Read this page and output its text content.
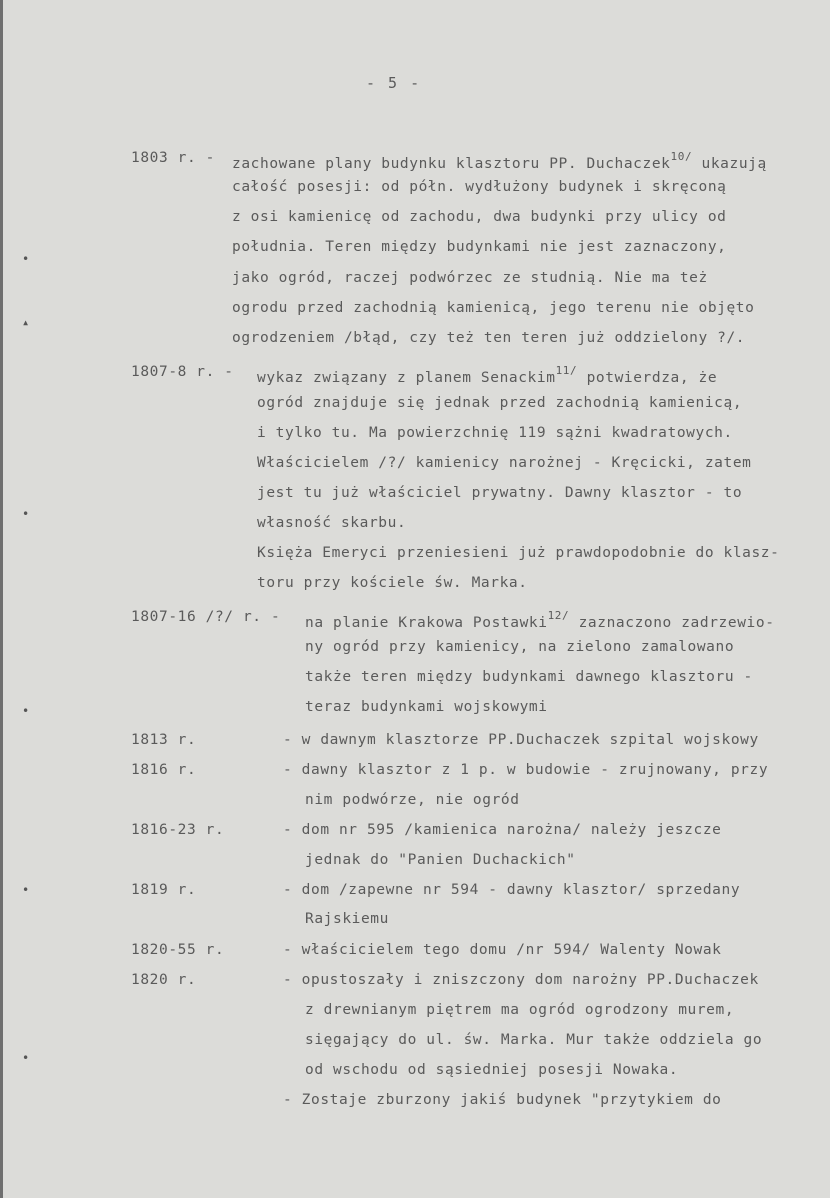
•
▴
•
•
•
•
- 5 -
1803 r. - zachowane plany budynku klasztoru PP. Duchaczek$^{10/}$ ukazują
całość posesji: od półn. wydłużony budynek i skręconą
z osi kamienicę od zachodu, dwa budynki przy ulicy od
południa. Teren między budynkami nie jest zaznaczony,
jako ogród, raczej podwórzec ze studnią. Nie ma też
ogrodu przed zachodnią kamienicą, jego terenu nie objęto
ogrodzeniem /błąd, czy też ten teren już oddzielony ?/.
1807-8 r. - wykaz związany z planem Senackim$^{11/}$ potwierdza, że
ogród znajduje się jednak przed zachodnią kamienicą,
i tylko tu. Ma powierzchnię 119 sążni kwadratowych.
Właścicielem /?/ kamienicy narożnej - Kręcicki, zatem
jest tu już właściciel prywatny. Dawny klasztor - to
własność skarbu.
Księża Emeryci przeniesieni już prawdopodobnie do klasz-
toru przy kościele św. Marka.
1807-16 /?/ r. - na planie Krakowa Postawki$^{12/}$ zaznaczono zadrzewio-
ny ogród przy kamienicy, na zielono zamalowano
także teren między budynkami dawnego klasztoru -
teraz budynkami wojskowymi
1813 r.	- w dawnym klasztorze PP.Duchaczek szpital wojskowy
1816 r.	- dawny klasztor z 1 p. w budowie - zrujnowany, przy
nim podwórze, nie ogród
1816-23 r.	- dom nr 595 /kamienica narożna/ należy jeszcze
jednak do "Panien Duchackich"
1819 r.	- dom /zapewne nr 594 - dawny klasztor/ sprzedany
Rajskiemu
1820-55 r.	- właścicielem tego domu /nr 594/ Walenty Nowak
1820 r.	- opustoszały i zniszczony dom narożny PP.Duchaczek
z drewnianym piętrem ma ogród ogrodzony murem,
sięgający do ul. św. Marka. Mur także oddziela go
od wschodu od sąsiedniej posesji Nowaka.
- Zostaje zburzony jakiś budynek "przytykiem do
